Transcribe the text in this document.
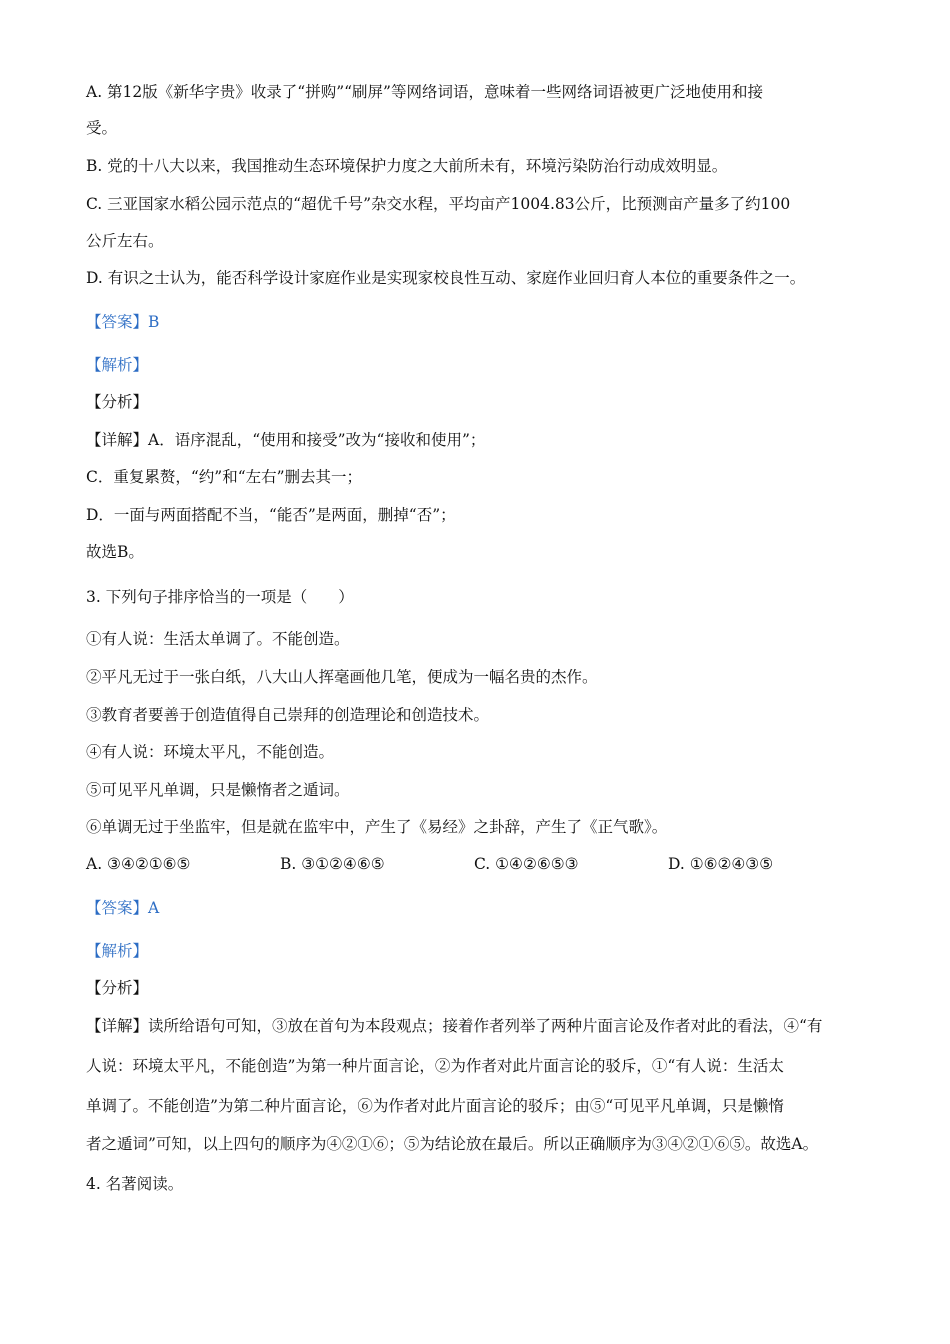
A. 第12版《新华字贵》收录了“拼购”“刷屏”等网络词语，意味着一些网络词语被更广泛地使用和接
受。
B. 党的十八大以来，我国推动生态环境保护力度之大前所未有，环境污染防治行动成效明显。
C. 三亚国家水稻公园示范点的“超优千号”杂交水程，平均亩产1004.83公斤，比预测亩产量多了约100
公斤左右。
D. 有识之士认为，能否科学设计家庭作业是实现家校良性互动、家庭作业回归育人本位的重要条件之一。
【答案】B
【解析】
【分析】
【详解】A．语序混乱，“使用和接受”改为“接收和使用”；
C．重复累赘，“约”和“左右”删去其一；
D．一面与两面搭配不当，“能否”是两面，删掉“否”；
故选B。
3. 下列句子排序恰当的一项是（　　）
①有人说：生活太单调了。不能创造。
②平凡无过于一张白纸，八大山人挥毫画他几笔，便成为一幅名贵的杰作。
③教育者要善于创造值得自己崇拜的创造理论和创造技术。
④有人说：环境太平凡，不能创造。
⑤可见平凡单调，只是懒惰者之遁词。
⑥单调无过于坐监牢，但是就在监牢中，产生了《易经》之卦辞，产生了《正气歌》。
A. ③④②①⑥⑤	B. ③①②④⑥⑤	C. ①④②⑥⑤③	D. ①⑥②④③⑤
【答案】A
【解析】
【分析】
【详解】读所给语句可知，③放在首句为本段观点；接着作者列举了两种片面言论及作者对此的看法，④“有
人说：环境太平凡，不能创造”为第一种片面言论，②为作者对此片面言论的驳斥，①“有人说：生活太
单调了。不能创造”为第二种片面言论，⑥为作者对此片面言论的驳斥；由⑤“可见平凡单调，只是懒惰
者之遁词”可知，以上四句的顺序为④②①⑥；⑤为结论放在最后。所以正确顺序为③④②①⑥⑤。故选A。
4. 名著阅读。
